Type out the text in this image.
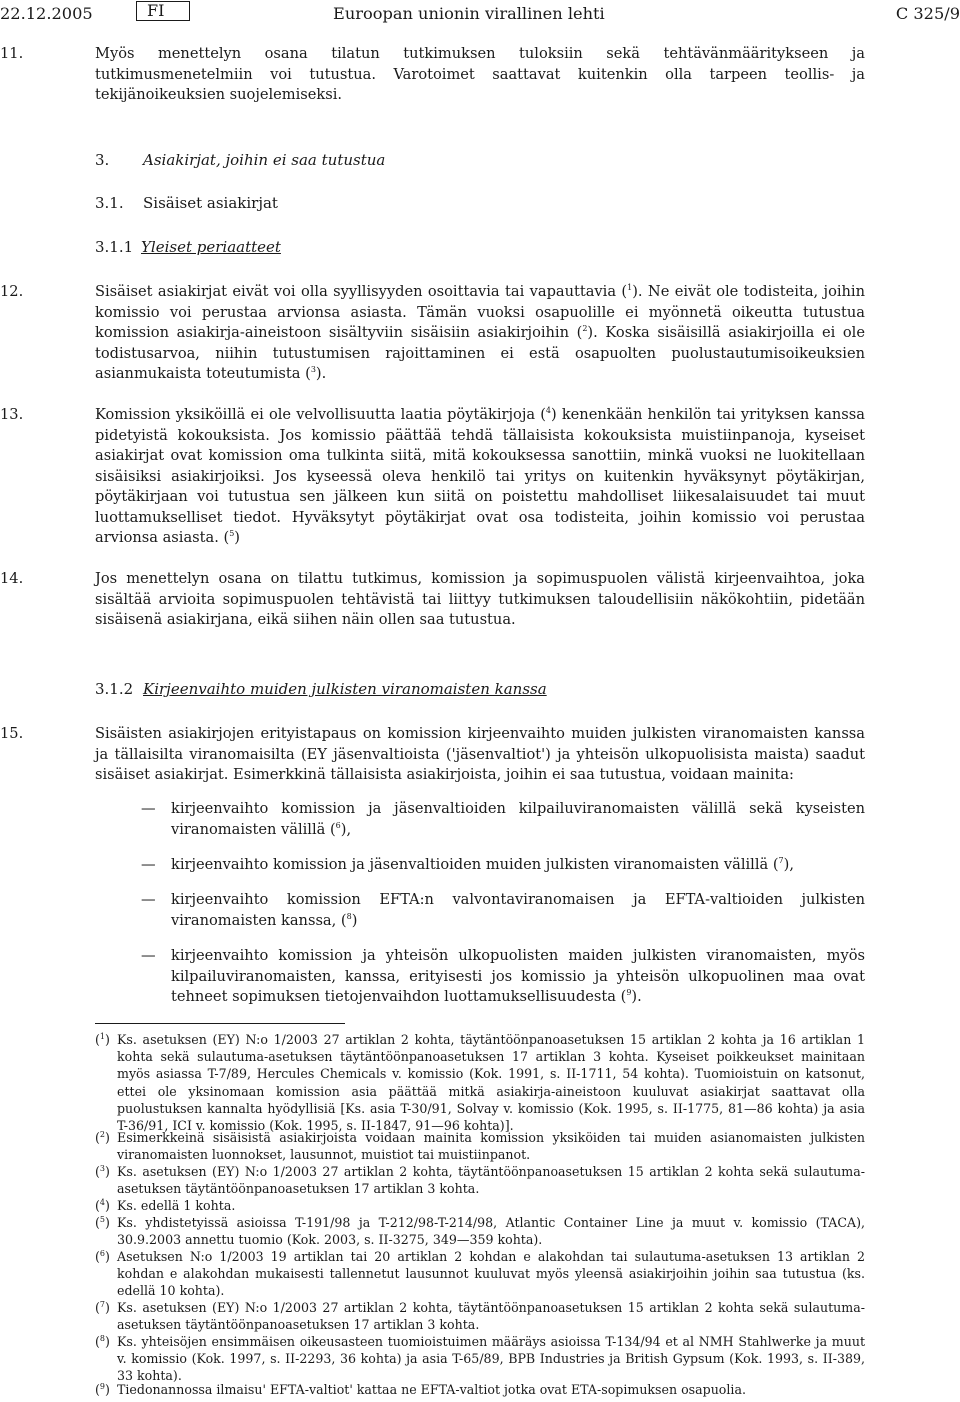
22.12.2005	FI	Euroopan unionin virallinen lehti	C 325/9
11.	Myös menettelyn osana tilatun tutkimuksen tuloksiin sekä tehtävänmääritykseen ja tutkimusmenetelmiin voi tutustua. Varotoimet saattavat kuitenkin olla tarpeen teollis- ja tekijänoikeuksien suojelemiseksi.
3. Asiakirjat, joihin ei saa tutustua
3.1. Sisäiset asiakirjat
3.1.1 Yleiset periaatteet
12.	Sisäiset asiakirjat eivät voi olla syyllisyyden osoittavia tai vapauttavia ($^1$). Ne eivät ole todisteita, joihin komissio voi perustaa arvionsa asiasta. Tämän vuoksi osapuolille ei myönnetä oikeutta tutustua komission asiakirja-aineistoon sisältyviin sisäisiin asiakirjoihin ($^2$). Koska sisäisillä asiakirjoilla ei ole todistusarvoa, niihin tutustumisen rajoittaminen ei estä osapuolten puolustautumisoikeuksien asianmukaista toteutumista ($^3$).
13.	Komission yksiköillä ei ole velvollisuutta laatia pöytäkirjoja ($^4$) kenenkään henkilön tai yrityksen kanssa pidetyistä kokouksista. Jos komissio päättää tehdä tällaisista kokouksista muistiinpanoja, kyseiset asiakirjat ovat komission oma tulkinta siitä, mitä kokouksessa sanottiin, minkä vuoksi ne luokitellaan sisäisiksi asiakirjoiksi. Jos kyseessä oleva henkilö tai yritys on kuitenkin hyväksynyt pöytäkirjan, pöytäkirjaan voi tutustua sen jälkeen kun siitä on poistettu mahdolliset liikesalaisuudet tai muut luottamukselliset tiedot. Hyväksytyt pöytäkirjat ovat osa todisteita, joihin komissio voi perustaa arvionsa asiasta. ($^5$)
14.	Jos menettelyn osana on tilattu tutkimus, komission ja sopimuspuolen välistä kirjeenvaihtoa, joka sisältää arvioita sopimuspuolen tehtävistä tai liittyy tutkimuksen taloudellisiin näkökohtiin, pidetään sisäisenä asiakirjana, eikä siihen näin ollen saa tutustua.
3.1.2 Kirjeenvaihto muiden julkisten viranomaisten kanssa
15.	Sisäisten asiakirjojen erityistapaus on komission kirjeenvaihto muiden julkisten viranomaisten kanssa ja tällaisilta viranomaisilta (EY jäsenvaltioista ('jäsenvaltiot') ja yhteisön ulkopuolisista maista) saadut sisäiset asiakirjat. Esimerkkinä tällaisista asiakirjoista, joihin ei saa tutustua, voidaan mainita:
— kirjeenvaihto komission ja jäsenvaltioiden kilpailuviranomaisten välillä sekä kyseisten viranomaisten välillä ($^6$),
— kirjeenvaihto komission ja jäsenvaltioiden muiden julkisten viranomaisten välillä ($^7$),
— kirjeenvaihto komission EFTA:n valvontaviranomaisen ja EFTA-valtioiden julkisten viranomaisten kanssa, ($^8$)
— kirjeenvaihto komission ja yhteisön ulkopuolisten maiden julkisten viranomaisten, myös kilpailuviranomaisten, kanssa, erityisesti jos komissio ja yhteisön ulkopuolinen maa ovat tehneet sopimuksen tietojenvaihdon luottamuksellisuudesta ($^9$).
($^1$) Ks. asetuksen (EY) N:o 1/2003 27 artiklan 2 kohta, täytäntöönpanoasetuksen 15 artiklan 2 kohta ja 16 artiklan 1 kohta sekä sulautuma-asetuksen täytäntöönpanoasetuksen 17 artiklan 3 kohta. Kyseiset poikkeukset mainitaan myös asiassa T-7/89, Hercules Chemicals v. komissio (Kok. 1991, s. II-1711, 54 kohta). Tuomioistuin on katsonut, ettei ole yksinomaan komission asia päättää mitkä asiakirja-aineistoon kuuluvat asiakirjat saattavat olla puolustuksen kannalta hyödyllisiä [Ks. asia T-30/91, Solvay v. komissio (Kok. 1995, s. II-1775, 81—86 kohta) ja asia T-36/91, ICI v. komissio (Kok. 1995, s. II-1847, 91—96 kohta)].
($^2$) Esimerkkeinä sisäisistä asiakirjoista voidaan mainita komission yksiköiden tai muiden asianomaisten julkisten viranomaisten luonnokset, lausunnot, muistiot tai muistiinpanot.
($^3$) Ks. asetuksen (EY) N:o 1/2003 27 artiklan 2 kohta, täytäntöönpanoasetuksen 15 artiklan 2 kohta sekä sulautuma-asetuksen täytäntöönpanoasetuksen 17 artiklan 3 kohta.
($^4$) Ks. edellä 1 kohta.
($^5$) Ks. yhdistetyissä asioissa T-191/98 ja T-212/98-T-214/98, Atlantic Container Line ja muut v. komissio (TACA), 30.9.2003 annettu tuomio (Kok. 2003, s. II-3275, 349—359 kohta).
($^6$) Asetuksen N:o 1/2003 19 artiklan tai 20 artiklan 2 kohdan e alakohdan tai sulautuma-asetuksen 13 artiklan 2 kohdan e alakohdan mukaisesti tallennetut lausunnot kuuluvat myös yleensä asiakirjoihin joihin saa tutustua (ks. edellä 10 kohta).
($^7$) Ks. asetuksen (EY) N:o 1/2003 27 artiklan 2 kohta, täytäntöönpanoasetuksen 15 artiklan 2 kohta sekä sulautuma-asetuksen täytäntöönpanoasetuksen 17 artiklan 3 kohta.
($^8$) Ks. yhteisöjen ensimmäisen oikeusasteen tuomioistuimen määräys asioissa T-134/94 et al NMH Stahlwerke ja muut v. komissio (Kok. 1997, s. II-2293, 36 kohta) ja asia T-65/89, BPB Industries ja British Gypsum (Kok. 1993, s. II-389, 33 kohta).
($^9$) Tiedonannossa ilmaisu' EFTA-valtiot' kattaa ne EFTA-valtiot jotka ovat ETA-sopimuksen osapuolia.
